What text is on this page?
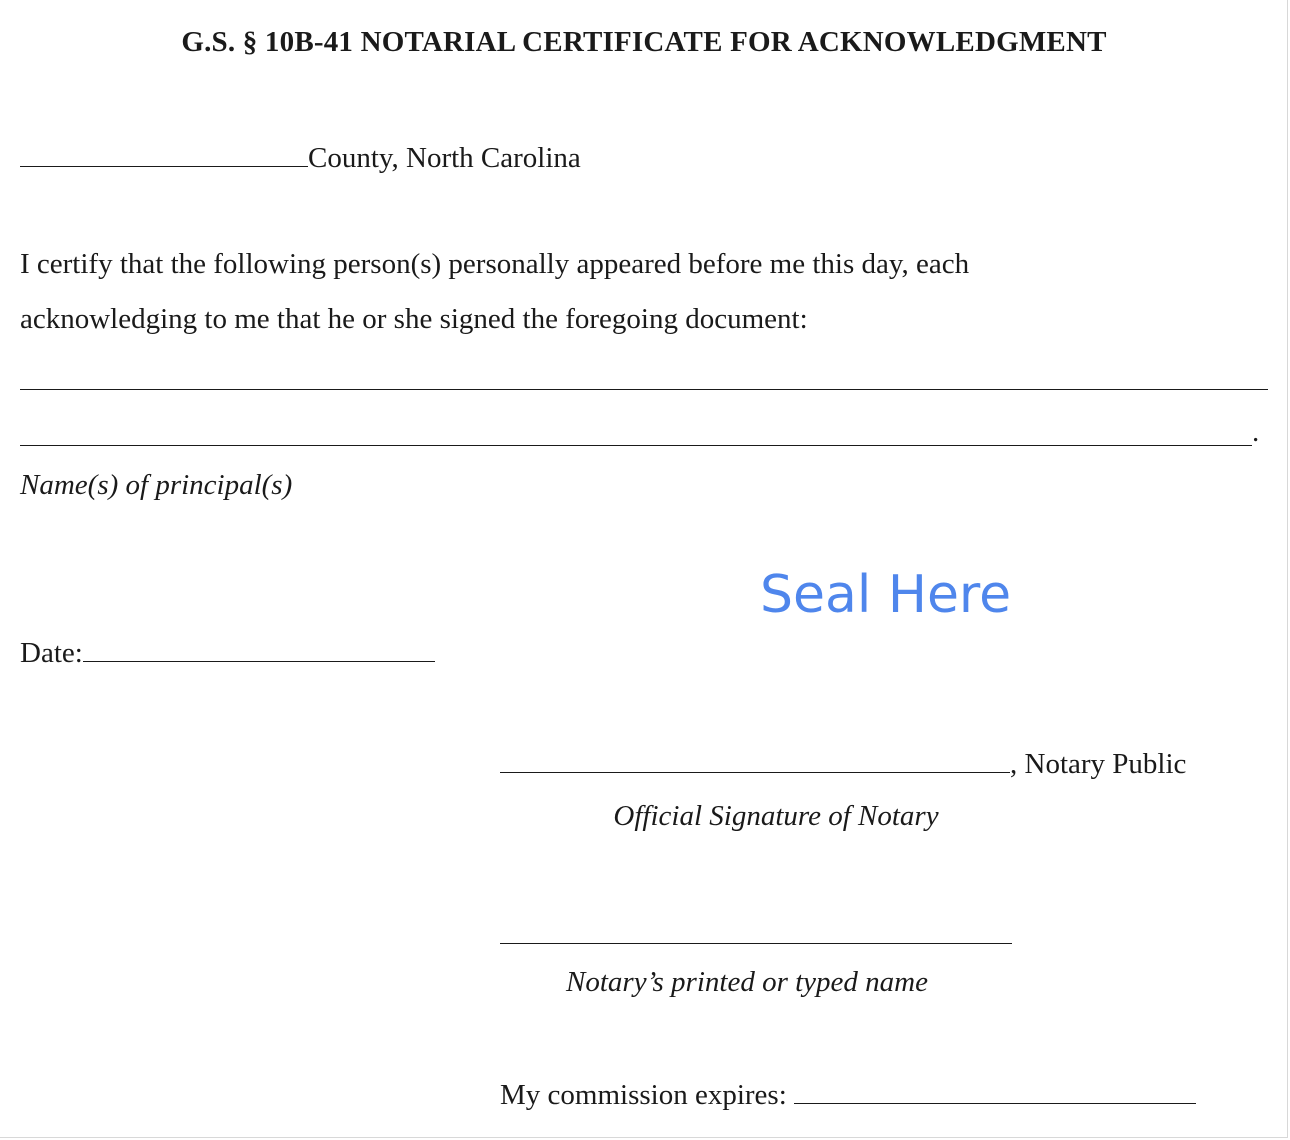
G.S. § 10B-41 NOTARIAL CERTIFICATE FOR ACKNOWLEDGMENT
County, North Carolina
I certify that the following person(s) personally appeared before me this day, each
acknowledging to me that he or she signed the foregoing document:
.
Name(s) of principal(s)
Seal Here
Date:
, Notary Public
Official Signature of Notary
Notary’s printed or typed name
My commission expires:
